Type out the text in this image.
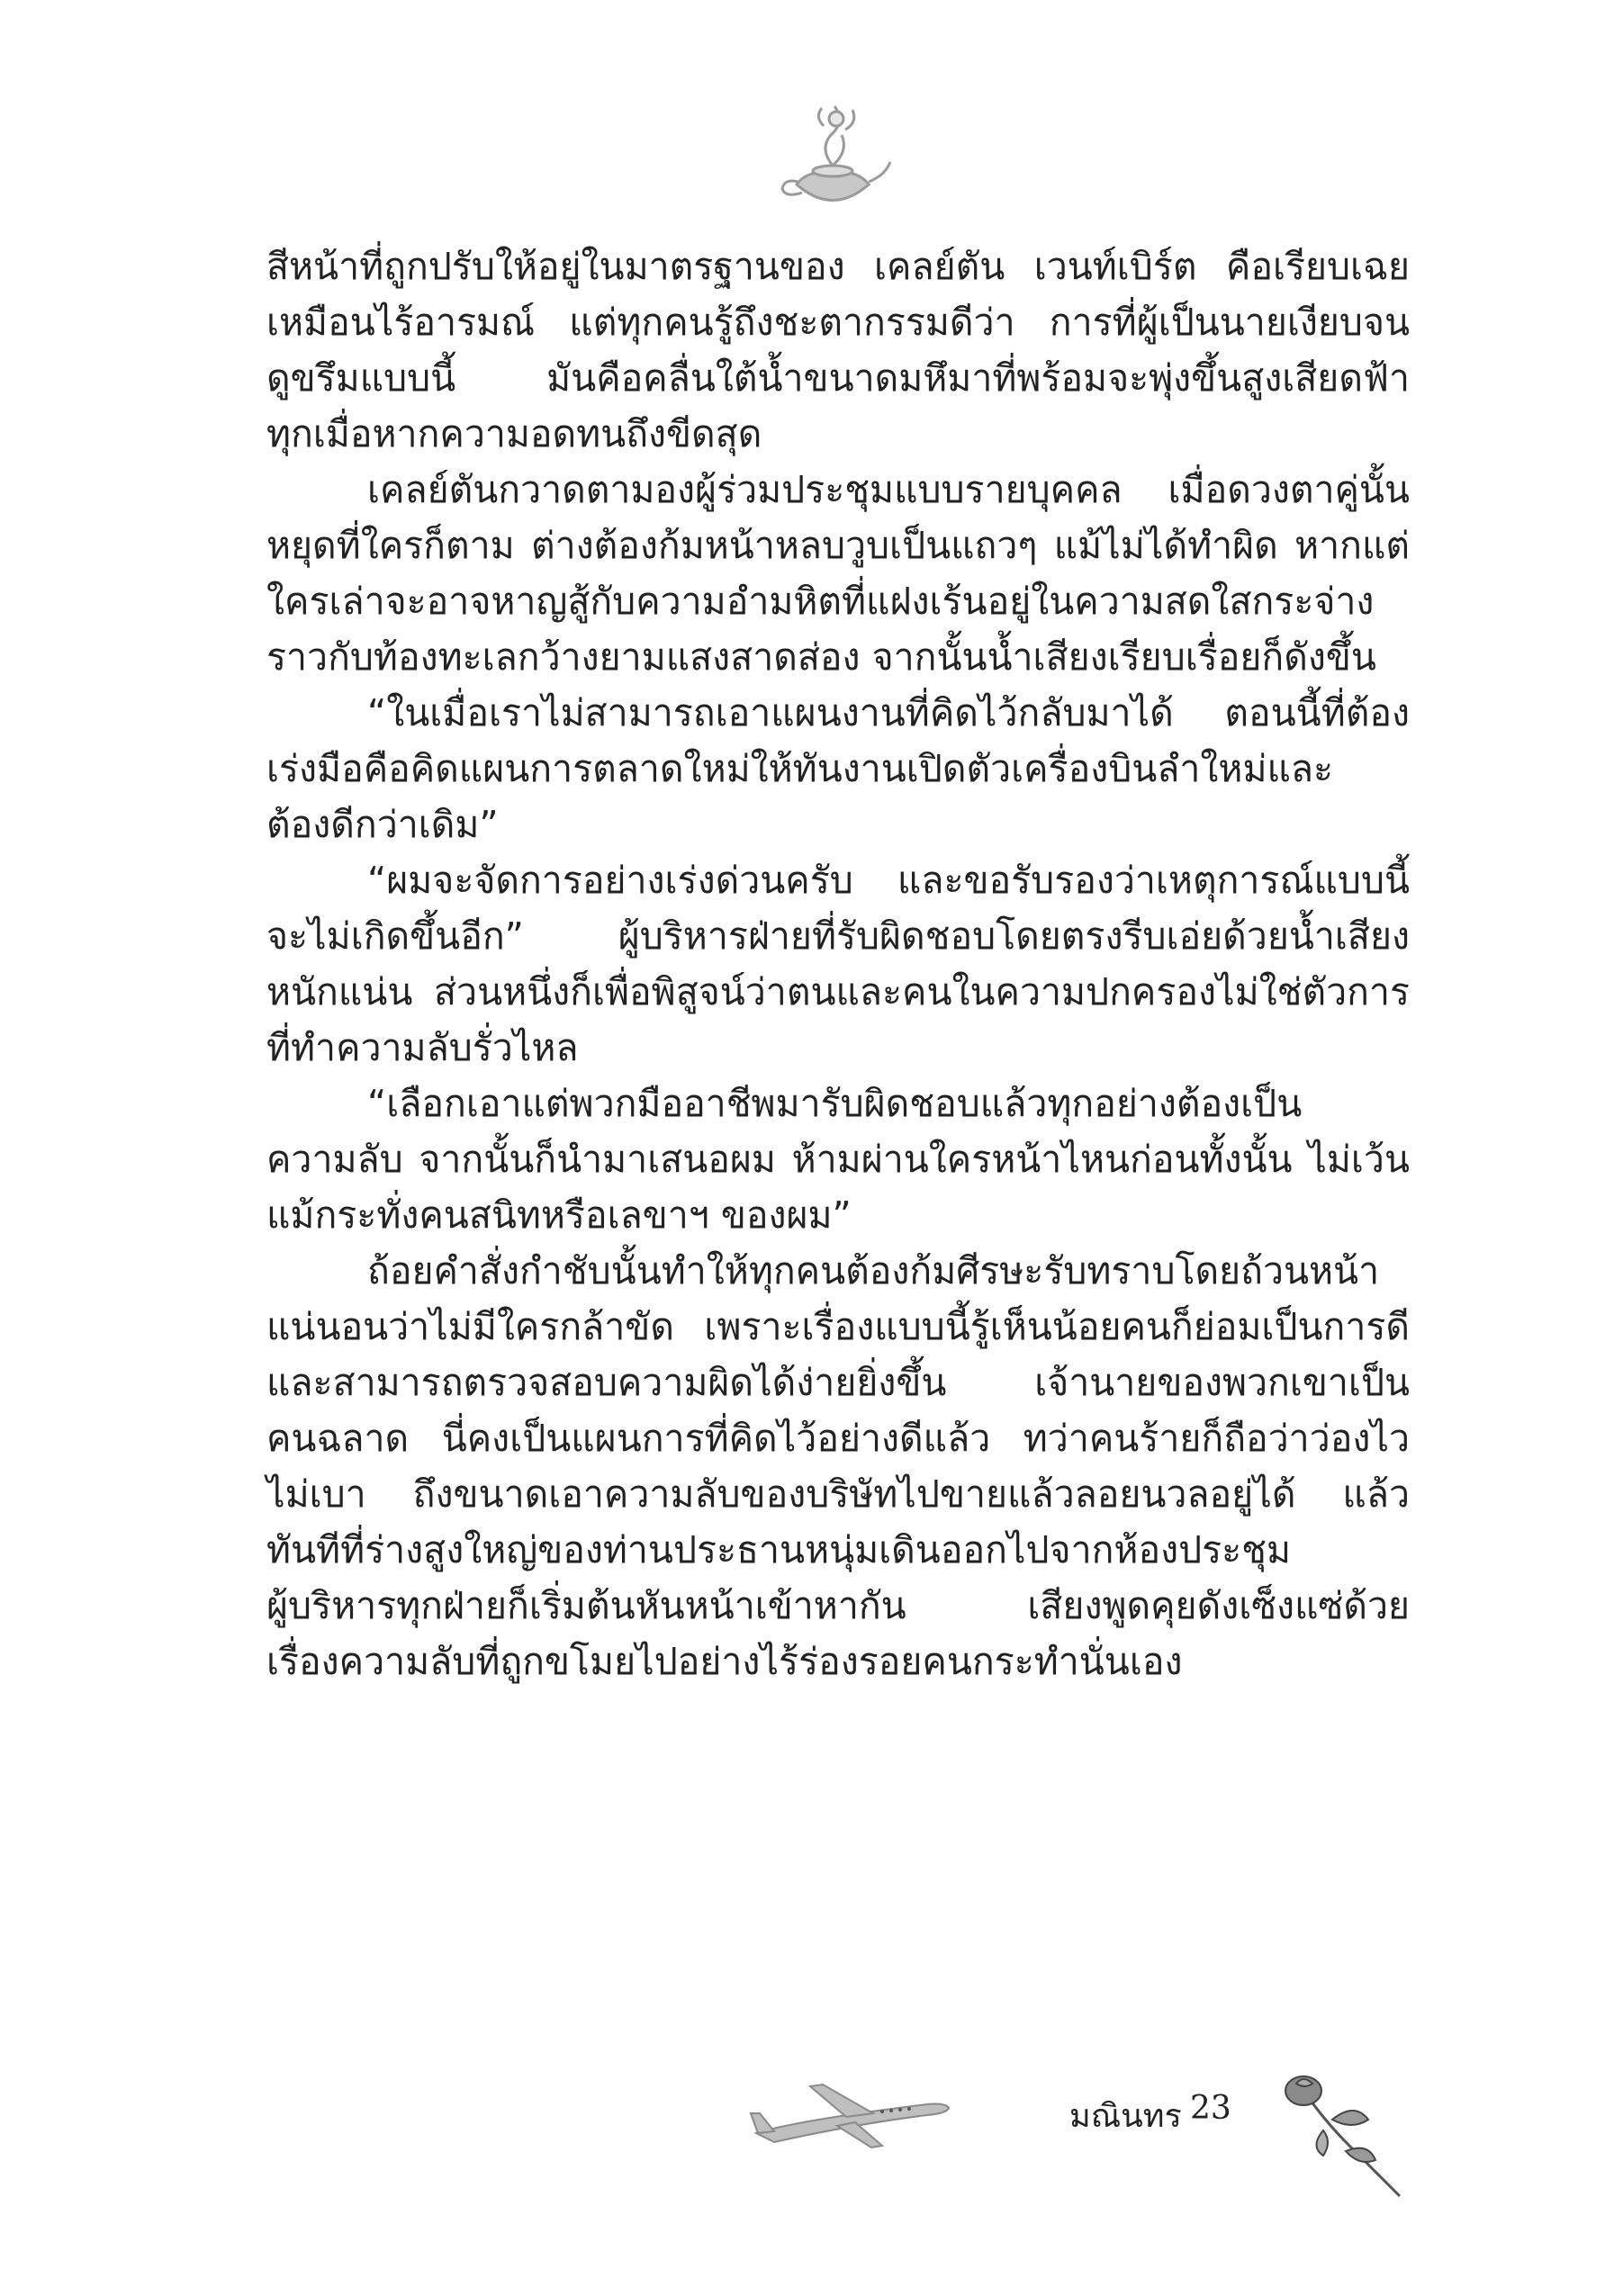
สีหน้าที่ถูกปรับให้อยู่ในมาตรฐานของ เคลย์ตัน เวนท์เบิร์ต คือเรียบเฉย
เหมือนไร้อารมณ์ แต่ทุกคนรู้ถึงชะตากรรมดีว่า การที่ผู้เป็นนายเงียบจน
ดูขรึมแบบนี้ มันคือคลื่นใต้น้ำขนาดมหึมาที่พร้อมจะพุ่งขึ้นสูงเสียดฟ้า
ทุกเมื่อหากความอดทนถึงขีดสุด
เคลย์ตันกวาดตามองผู้ร่วมประชุมแบบรายบุคคล เมื่อดวงตาคู่นั้น
หยุดที่ใครก็ตาม ต่างต้องก้มหน้าหลบวูบเป็นแถวๆ แม้ไม่ได้ทำผิด หากแต่
ใครเล่าจะอาจหาญสู้กับความอำมหิตที่แฝงเร้นอยู่ในความสดใสกระจ่าง
ราวกับท้องทะเลกว้างยามแสงสาดส่อง จากนั้นน้ำเสียงเรียบเรื่อยก็ดังขึ้น
“ในเมื่อเราไม่สามารถเอาแผนงานที่คิดไว้กลับมาได้ ตอนนี้ที่ต้อง
เร่งมือคือคิดแผนการตลาดใหม่ให้ทันงานเปิดตัวเครื่องบินลำใหม่และ
ต้องดีกว่าเดิม”
“ผมจะจัดการอย่างเร่งด่วนครับ และขอรับรองว่าเหตุการณ์แบบนี้
จะไม่เกิดขึ้นอีก” ผู้บริหารฝ่ายที่รับผิดชอบโดยตรงรีบเอ่ยด้วยน้ำเสียง
หนักแน่น ส่วนหนึ่งก็เพื่อพิสูจน์ว่าตนและคนในความปกครองไม่ใช่ตัวการ
ที่ทำความลับรั่วไหล
“เลือกเอาแต่พวกมืออาชีพมารับผิดชอบแล้วทุกอย่างต้องเป็น
ความลับ จากนั้นก็นำมาเสนอผม ห้ามผ่านใครหน้าไหนก่อนทั้งนั้น ไม่เว้น
แม้กระทั่งคนสนิทหรือเลขาฯ ของผม”
ถ้อยคำสั่งกำชับนั้นทำให้ทุกคนต้องก้มศีรษะรับทราบโดยถ้วนหน้า
แน่นอนว่าไม่มีใครกล้าขัด เพราะเรื่องแบบนี้รู้เห็นน้อยคนก็ย่อมเป็นการดี
และสามารถตรวจสอบความผิดได้ง่ายยิ่งขึ้น เจ้านายของพวกเขาเป็น
คนฉลาด นี่คงเป็นแผนการที่คิดไว้อย่างดีแล้ว ทว่าคนร้ายก็ถือว่าว่องไว
ไม่เบา ถึงขนาดเอาความลับของบริษัทไปขายแล้วลอยนวลอยู่ได้ แล้ว
ทันทีที่ร่างสูงใหญ่ของท่านประธานหนุ่มเดินออกไปจากห้องประชุม
ผู้บริหารทุกฝ่ายก็เริ่มต้นหันหน้าเข้าหากัน เสียงพูดคุยดังเซ็งแซ่ด้วย
เรื่องความลับที่ถูกขโมยไปอย่างไร้ร่องรอยคนกระทำนั่นเอง
มณินทร 23
